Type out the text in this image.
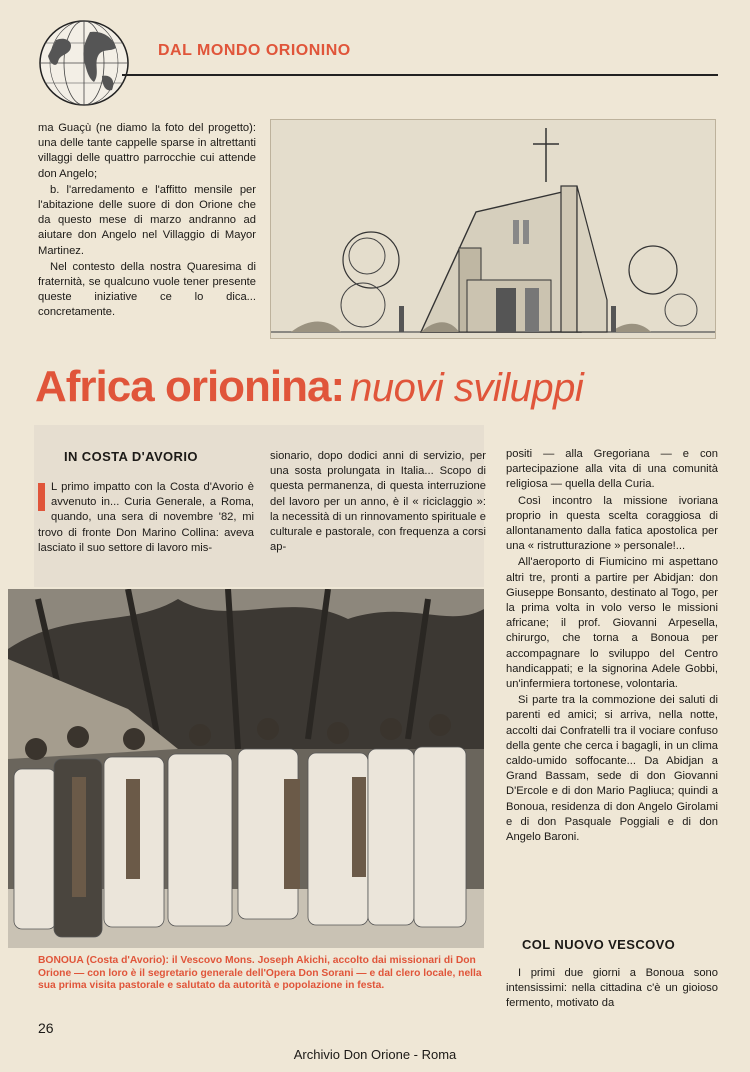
DAL MONDO ORIONINO

ma Guaçù (ne diamo la foto del progetto): una delle tante cappelle sparse in altrettanti villaggi delle quattro parrocchie cui attende don Angelo;

b. l'arredamento e l'affitto mensile per l'abitazione delle suore di don Orione che da questo mese di marzo andranno ad aiutare don Angelo nel Villaggio di Mayor Martinez.

Nel contesto della nostra Quaresima di fraternità, se qualcuno vuole tener presente queste iniziative ce lo dica... concretamente.

Africa orionina: nuovi sviluppi
IN COSTA D'AVORIO
L primo impatto con la Costa d'Avorio è avvenuto in... Curia Generale, a Roma, quando, una sera di novembre '82, mi trovo di fronte Don Marino Collina: aveva lasciato il suo settore di lavoro mis-
sionario, dopo dodici anni di servizio, per una sosta prolungata in Italia... Scopo di questa permanenza, di questa interruzione del lavoro per un anno, è il « riciclaggio »: la necessità di un rinnovamento spirituale e culturale e pastorale, con frequenza a corsi ap-

positi — alla Gregoriana — e con partecipazione alla vita di una comunità religiosa — quella della Curia.

Così incontro la missione ivoriana proprio in questa scelta coraggiosa di allontanamento dalla fatica apostolica per una « ristrutturazione » personale!...

All'aeroporto di Fiumicino mi aspettano altri tre, pronti a partire per Abidjan: don Giuseppe Bonsanto, destinato al Togo, per la prima volta in volo verso le missioni africane; il prof. Giovanni Arpesella, chirurgo, che torna a Bonoua per accompagnare lo sviluppo del Centro handicappati; e la signorina Adele Gobbi, un'infermiera tortonese, volontaria.

Si parte tra la commozione dei saluti di parenti ed amici; si arriva, nella notte, accolti dai Confratelli tra il vociare confuso della gente che cerca i bagagli, in un clima caldo-umido soffocante... Da Abidjan a Grand Bassam, sede di don Giovanni D'Ercole e di don Mario Pagliuca; quindi a Bonoua, residenza di don Angelo Girolami e di don Pasquale Poggiali e di don Angelo Baroni.

BONOUA (Costa d'Avorio): il Vescovo Mons. Joseph Akichi, accolto dai missionari di Don Orione — con loro è il segretario generale dell'Opera Don Sorani — e dal clero locale, nella sua prima visita pastorale e salutato da autorità e popolazione in festa.
COL NUOVO VESCOVO

I primi due giorni a Bonoua sono intensissimi: nella cittadina c'è un gioioso fermento, motivato da

26
Archivio Don Orione - Roma
